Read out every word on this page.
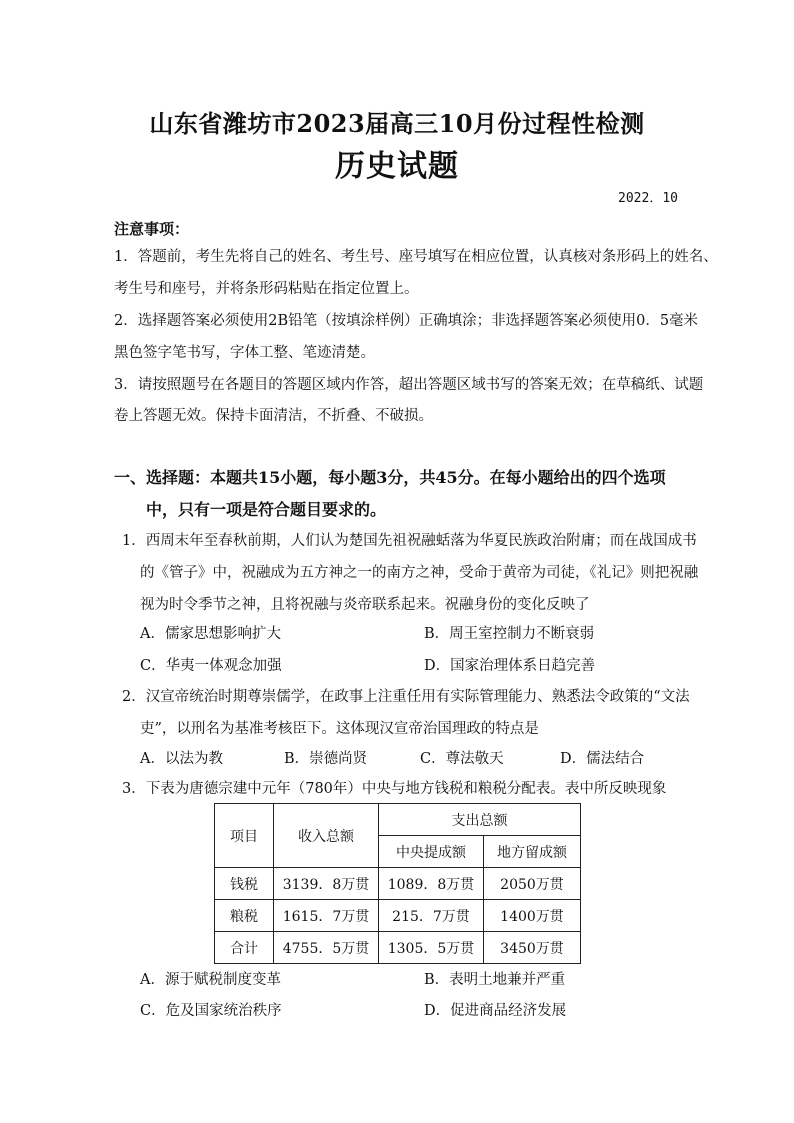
山东省潍坊市2023届高三10月份过程性检测
历史试题
2022．10
注意事项：
1．答题前，考生先将自己的姓名、考生号、座号填写在相应位置，认真核对条形码上的姓名、
考生号和座号，并将条形码粘贴在指定位置上。
2．选择题答案必须使用2B铅笔（按填涂样例）正确填涂；非选择题答案必须使用0．5毫米
黑色签字笔书写，字体工整、笔迹清楚。
3．请按照题号在各题目的答题区域内作答，超出答题区域书写的答案无效；在草稿纸、试题
卷上答题无效。保持卡面清洁，不折叠、不破损。
一、选择题：本题共15小题，每小题3分，共45分。在每小题给出的四个选项
中，只有一项是符合题目要求的。
1．西周末年至春秋前期，人们认为楚国先祖祝融蛞落为华夏民族政治附庸；而在战国成书
的《管子》中，祝融成为五方神之一的南方之神，受命于黄帝为司徒，《礼记》则把祝融
视为时令季节之神，且将祝融与炎帝联系起来。祝融身份的变化反映了
A．儒家思想影响扩大	B．周王室控制力不断衰弱
C．华夷一体观念加强	D．国家治理体系日趋完善
2．汉宣帝统治时期尊崇儒学，在政事上注重任用有实际管理能力、熟悉法令政策的“文法
吏”，以刑名为基准考核臣下。这体现汉宣帝治国理政的特点是
A．以法为教	B．崇德尚贤	C．尊法敬天	D．儒法结合
3．下表为唐德宗建中元年（780年）中央与地方钱税和粮税分配表。表中所反映现象
项目	收入总额	支出总额	
		中央提成额	地方留成额
钱税	3139．8万贯	1089．8万贯	2050万贯
粮税	1615．7万贯	215．7万贯	1400万贯
合计	4755．5万贯	1305．5万贯	3450万贯
A．源于赋税制度变革	B．表明土地兼并严重
C．危及国家统治秩序	D．促进商品经济发展
